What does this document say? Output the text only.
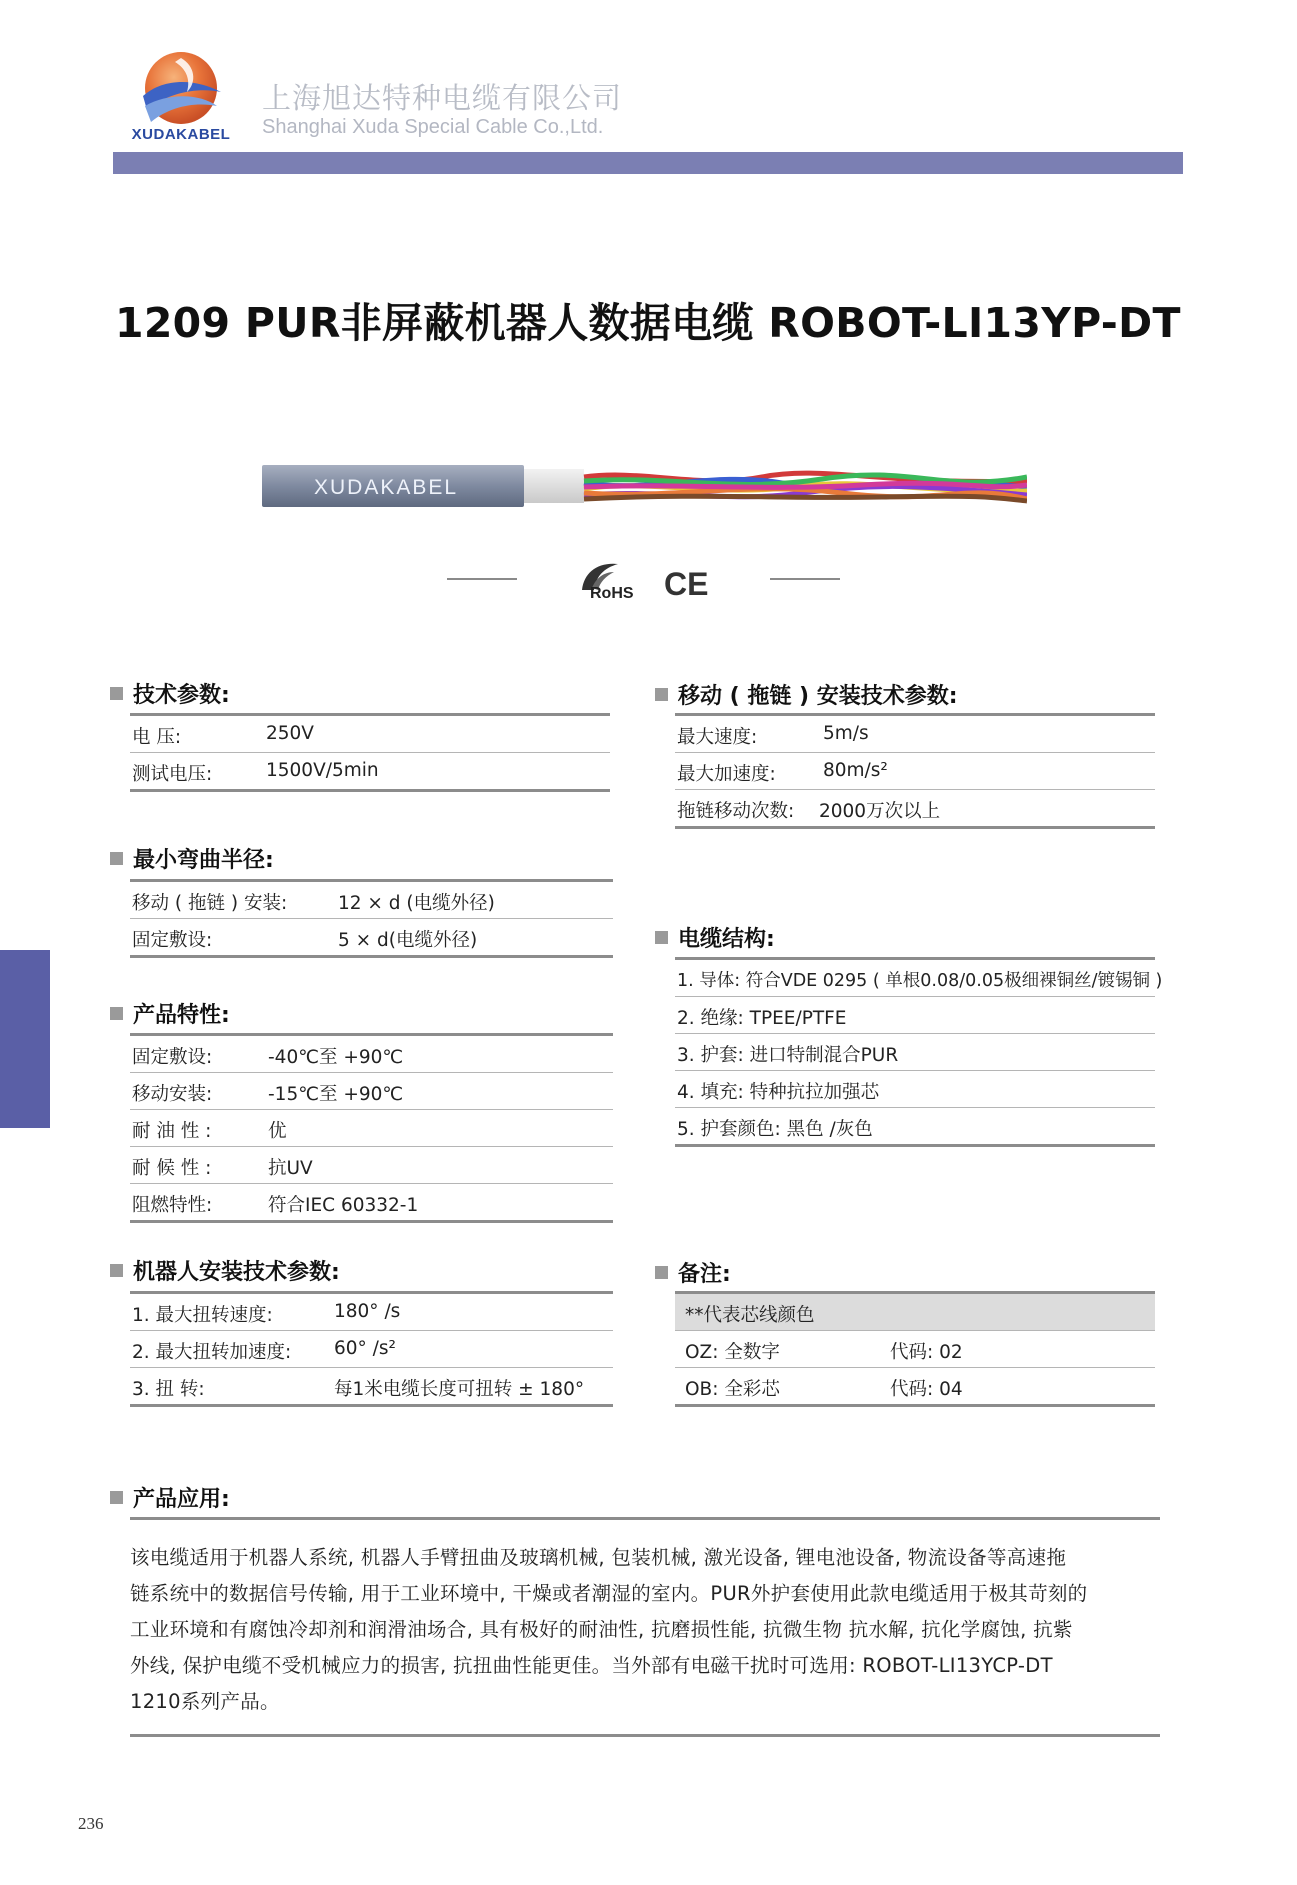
XUDAKABEL
上海旭达特种电缆有限公司
Shanghai Xuda Special Cable Co.,Ltd.
1209 PUR非屏蔽机器人数据电缆 ROBOT-LI13YP-DT
XUDAKABEL
RoHS CE
技术参数:
电 压:	250V
测试电压:	1500V/5min
最小弯曲半径:
移动 ( 拖链 ) 安装:	12 × d (电缆外径)
固定敷设:	5 × d(电缆外径)
产品特性:
固定敷设:	-40℃至 +90℃
移动安装:	-15℃至 +90℃
耐 油 性 :	优
耐 候 性 :	抗UV
阻燃特性:	符合IEC 60332-1
机器人安装技术参数:
1. 最大扭转速度:	180° /s
2. 最大扭转加速度: 60° /s²
3. 扭 转:	每1米电缆长度可扭转 ± 180°
移动 ( 拖链 ) 安装技术参数:
最大速度:	5m/s
最大加速度:	80m/s²
拖链移动次数: 2000万次以上
电缆结构:
1. 导体: 符合VDE 0295 ( 单根0.08/0.05极细裸铜丝/镀锡铜 )
2. 绝缘: TPEE/PTFE
3. 护套: 进口特制混合PUR
4. 填充: 特种抗拉加强芯
5. 护套颜色: 黑色 /灰色
备注:
**代表芯线颜色
OZ: 全数字	代码: 02
OB: 全彩芯	代码: 04
产品应用:
该电缆适用于机器人系统, 机器人手臂扭曲及玻璃机械, 包装机械, 激光设备, 锂电池设备, 物流设备等高速拖
链系统中的数据信号传输, 用于工业环境中, 干燥或者潮湿的室内。PUR外护套使用此款电缆适用于极其苛刻的
工业环境和有腐蚀冷却剂和润滑油场合, 具有极好的耐油性, 抗磨损性能, 抗微生物 抗水解, 抗化学腐蚀, 抗紫
外线, 保护电缆不受机械应力的损害, 抗扭曲性能更佳。当外部有电磁干扰时可选用: ROBOT-LI13YCP-DT
1210系列产品。
236
